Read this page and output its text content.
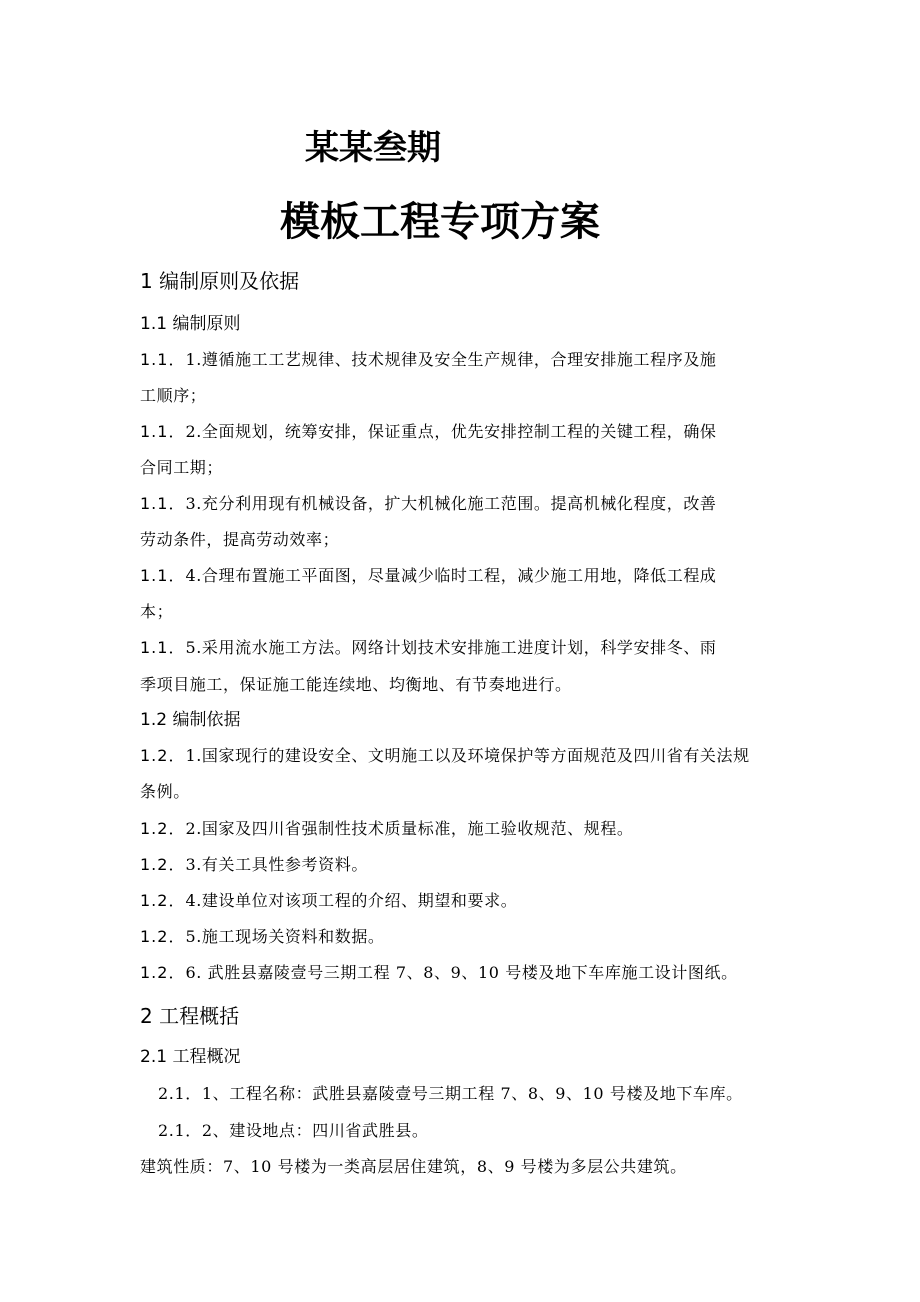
某某叁期
模板工程专项方案
1 编制原则及依据
1.1 编制原则
1.1．1.遵循施工工艺规律、技术规律及安全生产规律，合理安排施工程序及施
工顺序；
1.1．2.全面规划，统筹安排，保证重点，优先安排控制工程的关键工程，确保
合同工期；
1.1．3.充分利用现有机械设备，扩大机械化施工范围。提高机械化程度，改善
劳动条件，提高劳动效率；
1.1．4.合理布置施工平面图，尽量减少临时工程，减少施工用地，降低工程成
本；
1.1．5.采用流水施工方法。网络计划技术安排施工进度计划，科学安排冬、雨
季项目施工，保证施工能连续地、均衡地、有节奏地进行。
1.2 编制依据
1.2．1.国家现行的建设安全、文明施工以及环境保护等方面规范及四川省有关法规
条例。
1.2．2.国家及四川省强制性技术质量标准，施工验收规范、规程。
1.2．3.有关工具性参考资料。
1.2．4.建设单位对该项工程的介绍、期望和要求。
1.2．5.施工现场关资料和数据。
1.2．6. 武胜县嘉陵壹号三期工程 7、8、9、10 号楼及地下车库施工设计图纸。
2 工程概括
2.1 工程概况
2.1．1、工程名称：武胜县嘉陵壹号三期工程 7、8、9、10 号楼及地下车库。
2.1．2、建设地点：四川省武胜县。
建筑性质：7、10 号楼为一类高层居住建筑，8、9 号楼为多层公共建筑。
